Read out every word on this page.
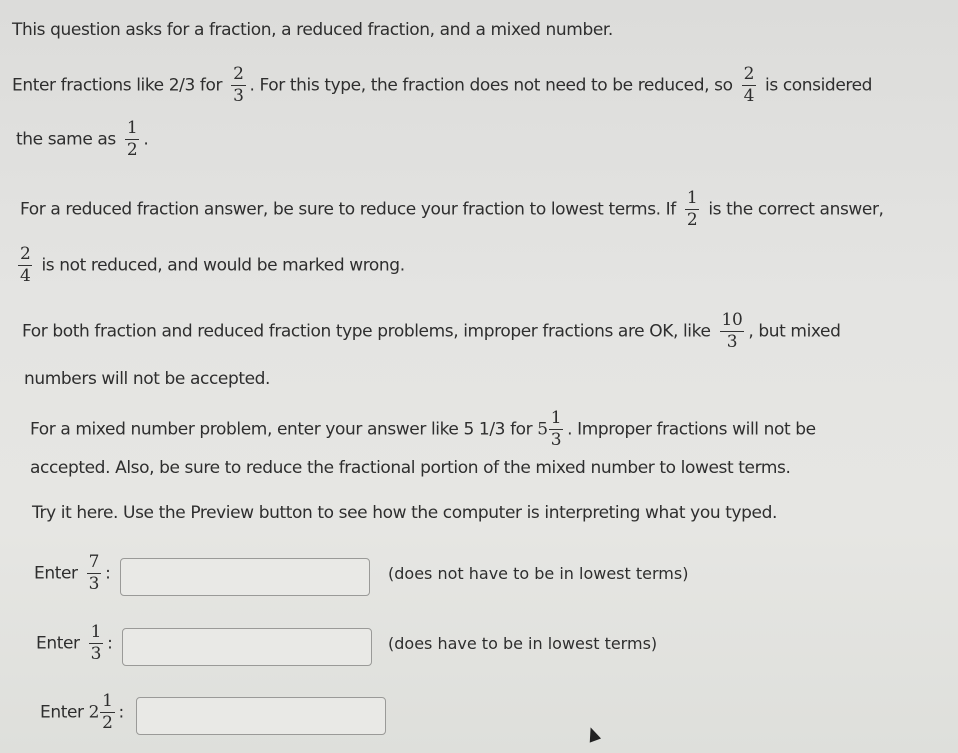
This question asks for a fraction, a reduced fraction, and a mixed number.
Enter fractions like 2/3 for $\frac{2}{3}$ . For this type, the fraction does not need to be reduced, so $\frac{2}{4}$ is considered
the same as $\frac{1}{2}$ .
For a reduced fraction answer, be sure to reduce your fraction to lowest terms. If $\frac{1}{2}$ is the correct answer,
$\frac{2}{4}$ is not reduced, and would be marked wrong.
For both fraction and reduced fraction type problems, improper fractions are OK, like $\frac{10}{3}$ , but mixed
numbers will not be accepted.
For a mixed number problem, enter your answer like 5 1/3 for $5 \frac{1}{3}$ . Improper fractions will not be
accepted. Also, be sure to reduce the fractional portion of the mixed number to lowest terms.
Try it here. Use the Preview button to see how the computer is interpreting what you typed.
Enter $\frac{7}{3}$ :	(does not have to be in lowest terms)
Enter $\frac{1}{3}$ :	(does have to be in lowest terms)
Enter $2 \frac{1}{2}$ :
